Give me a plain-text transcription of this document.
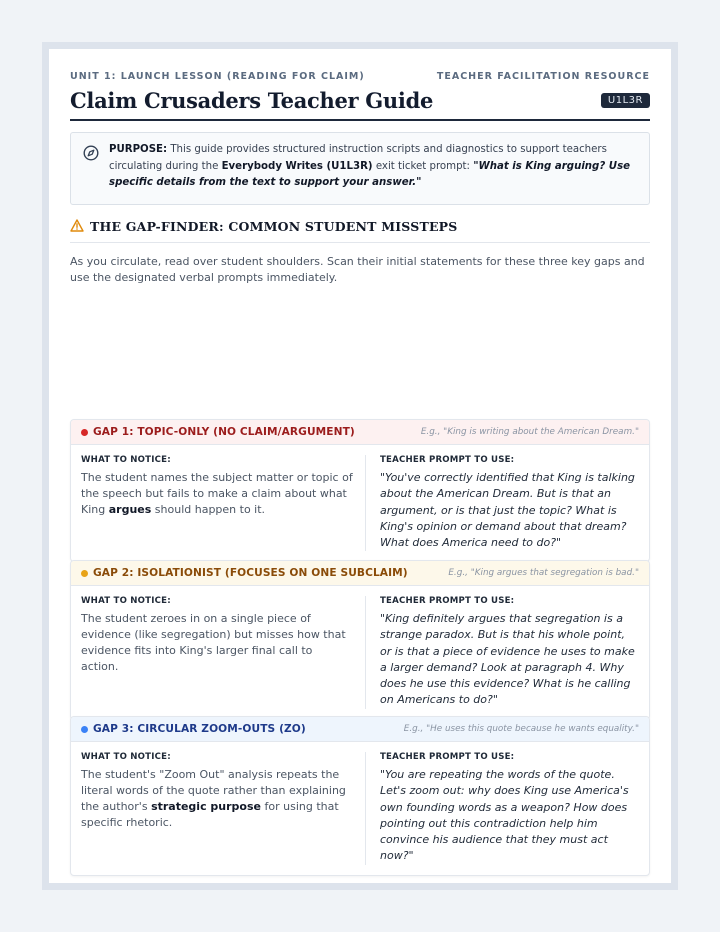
UNIT 1: LAUNCH LESSON (READING FOR CLAIM)	TEACHER FACILITATION RESOURCE
Claim Crusaders Teacher Guide	U1L3R
PURPOSE: This guide provides structured instruction scripts and diagnostics to support teachers circulating during the Everybody Writes (U1L3R) exit ticket prompt: "What is King arguing? Use specific details from the text to support your answer."
THE GAP-FINDER: COMMON STUDENT MISSTEPS
As you circulate, read over student shoulders. Scan their initial statements for these three key gaps and use the designated verbal prompts immediately.
GAP 1: TOPIC-ONLY (NO CLAIM/ARGUMENT)	E.g., "King is writing about the American Dream."
WHAT TO NOTICE:
The student names the subject matter or topic of the speech but fails to make a claim about what King argues should happen to it.
TEACHER PROMPT TO USE:
"You've correctly identified that King is talking about the American Dream. But is that an argument, or is that just the topic? What is King's opinion or demand about that dream? What does America need to do?"
GAP 2: ISOLATIONIST (FOCUSES ON ONE SUBCLAIM)	E.g., "King argues that segregation is bad."
WHAT TO NOTICE:
The student zeroes in on a single piece of evidence (like segregation) but misses how that evidence fits into King's larger final call to action.
TEACHER PROMPT TO USE:
"King definitely argues that segregation is a strange paradox. But is that his whole point, or is that a piece of evidence he uses to make a larger demand? Look at paragraph 4. Why does he use this evidence? What is he calling on Americans to do?"
GAP 3: CIRCULAR ZOOM-OUTS (ZO)	E.g., "He uses this quote because he wants equality."
WHAT TO NOTICE:
The student's "Zoom Out" analysis repeats the literal words of the quote rather than explaining the author's strategic purpose for using that specific rhetoric.
TEACHER PROMPT TO USE:
"You are repeating the words of the quote. Let's zoom out: why does King use America's own founding words as a weapon? How does pointing out this contradiction help him convince his audience that they must act now?"
